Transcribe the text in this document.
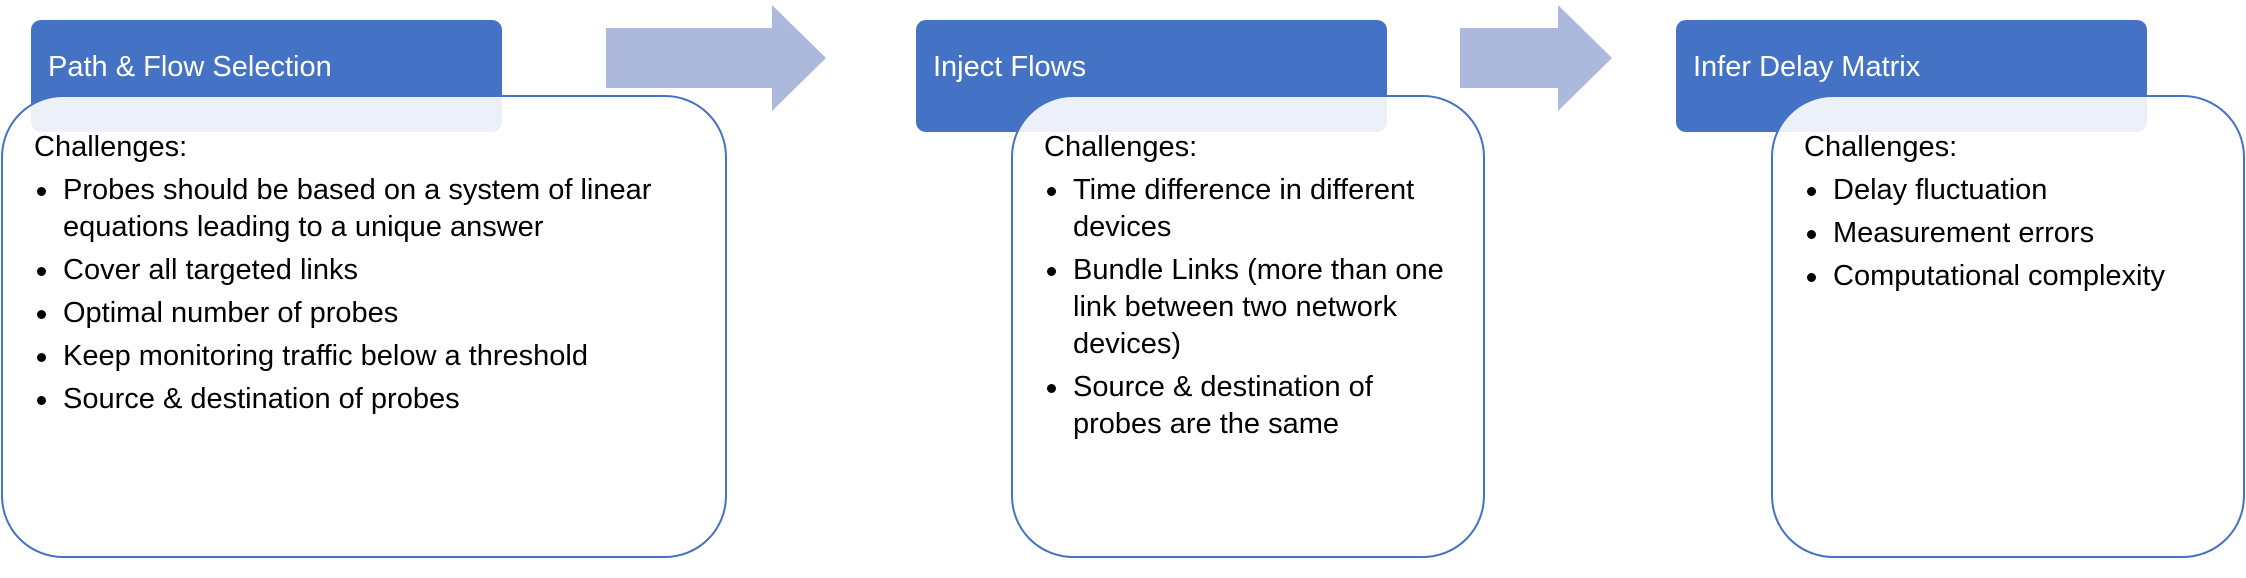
Path & Flow Selection
Challenges:
Probes should be based on a system of linear equations leading to a unique answer
Cover all targeted links
Optimal number of probes
Keep monitoring traffic below a threshold
Source & destination of probes
Inject Flows
Challenges:
Time difference in different devices
Bundle Links (more than one link between two network devices)
Source & destination of probes are the same
Infer Delay Matrix
Challenges:
Delay fluctuation
Measurement errors
Computational complexity
